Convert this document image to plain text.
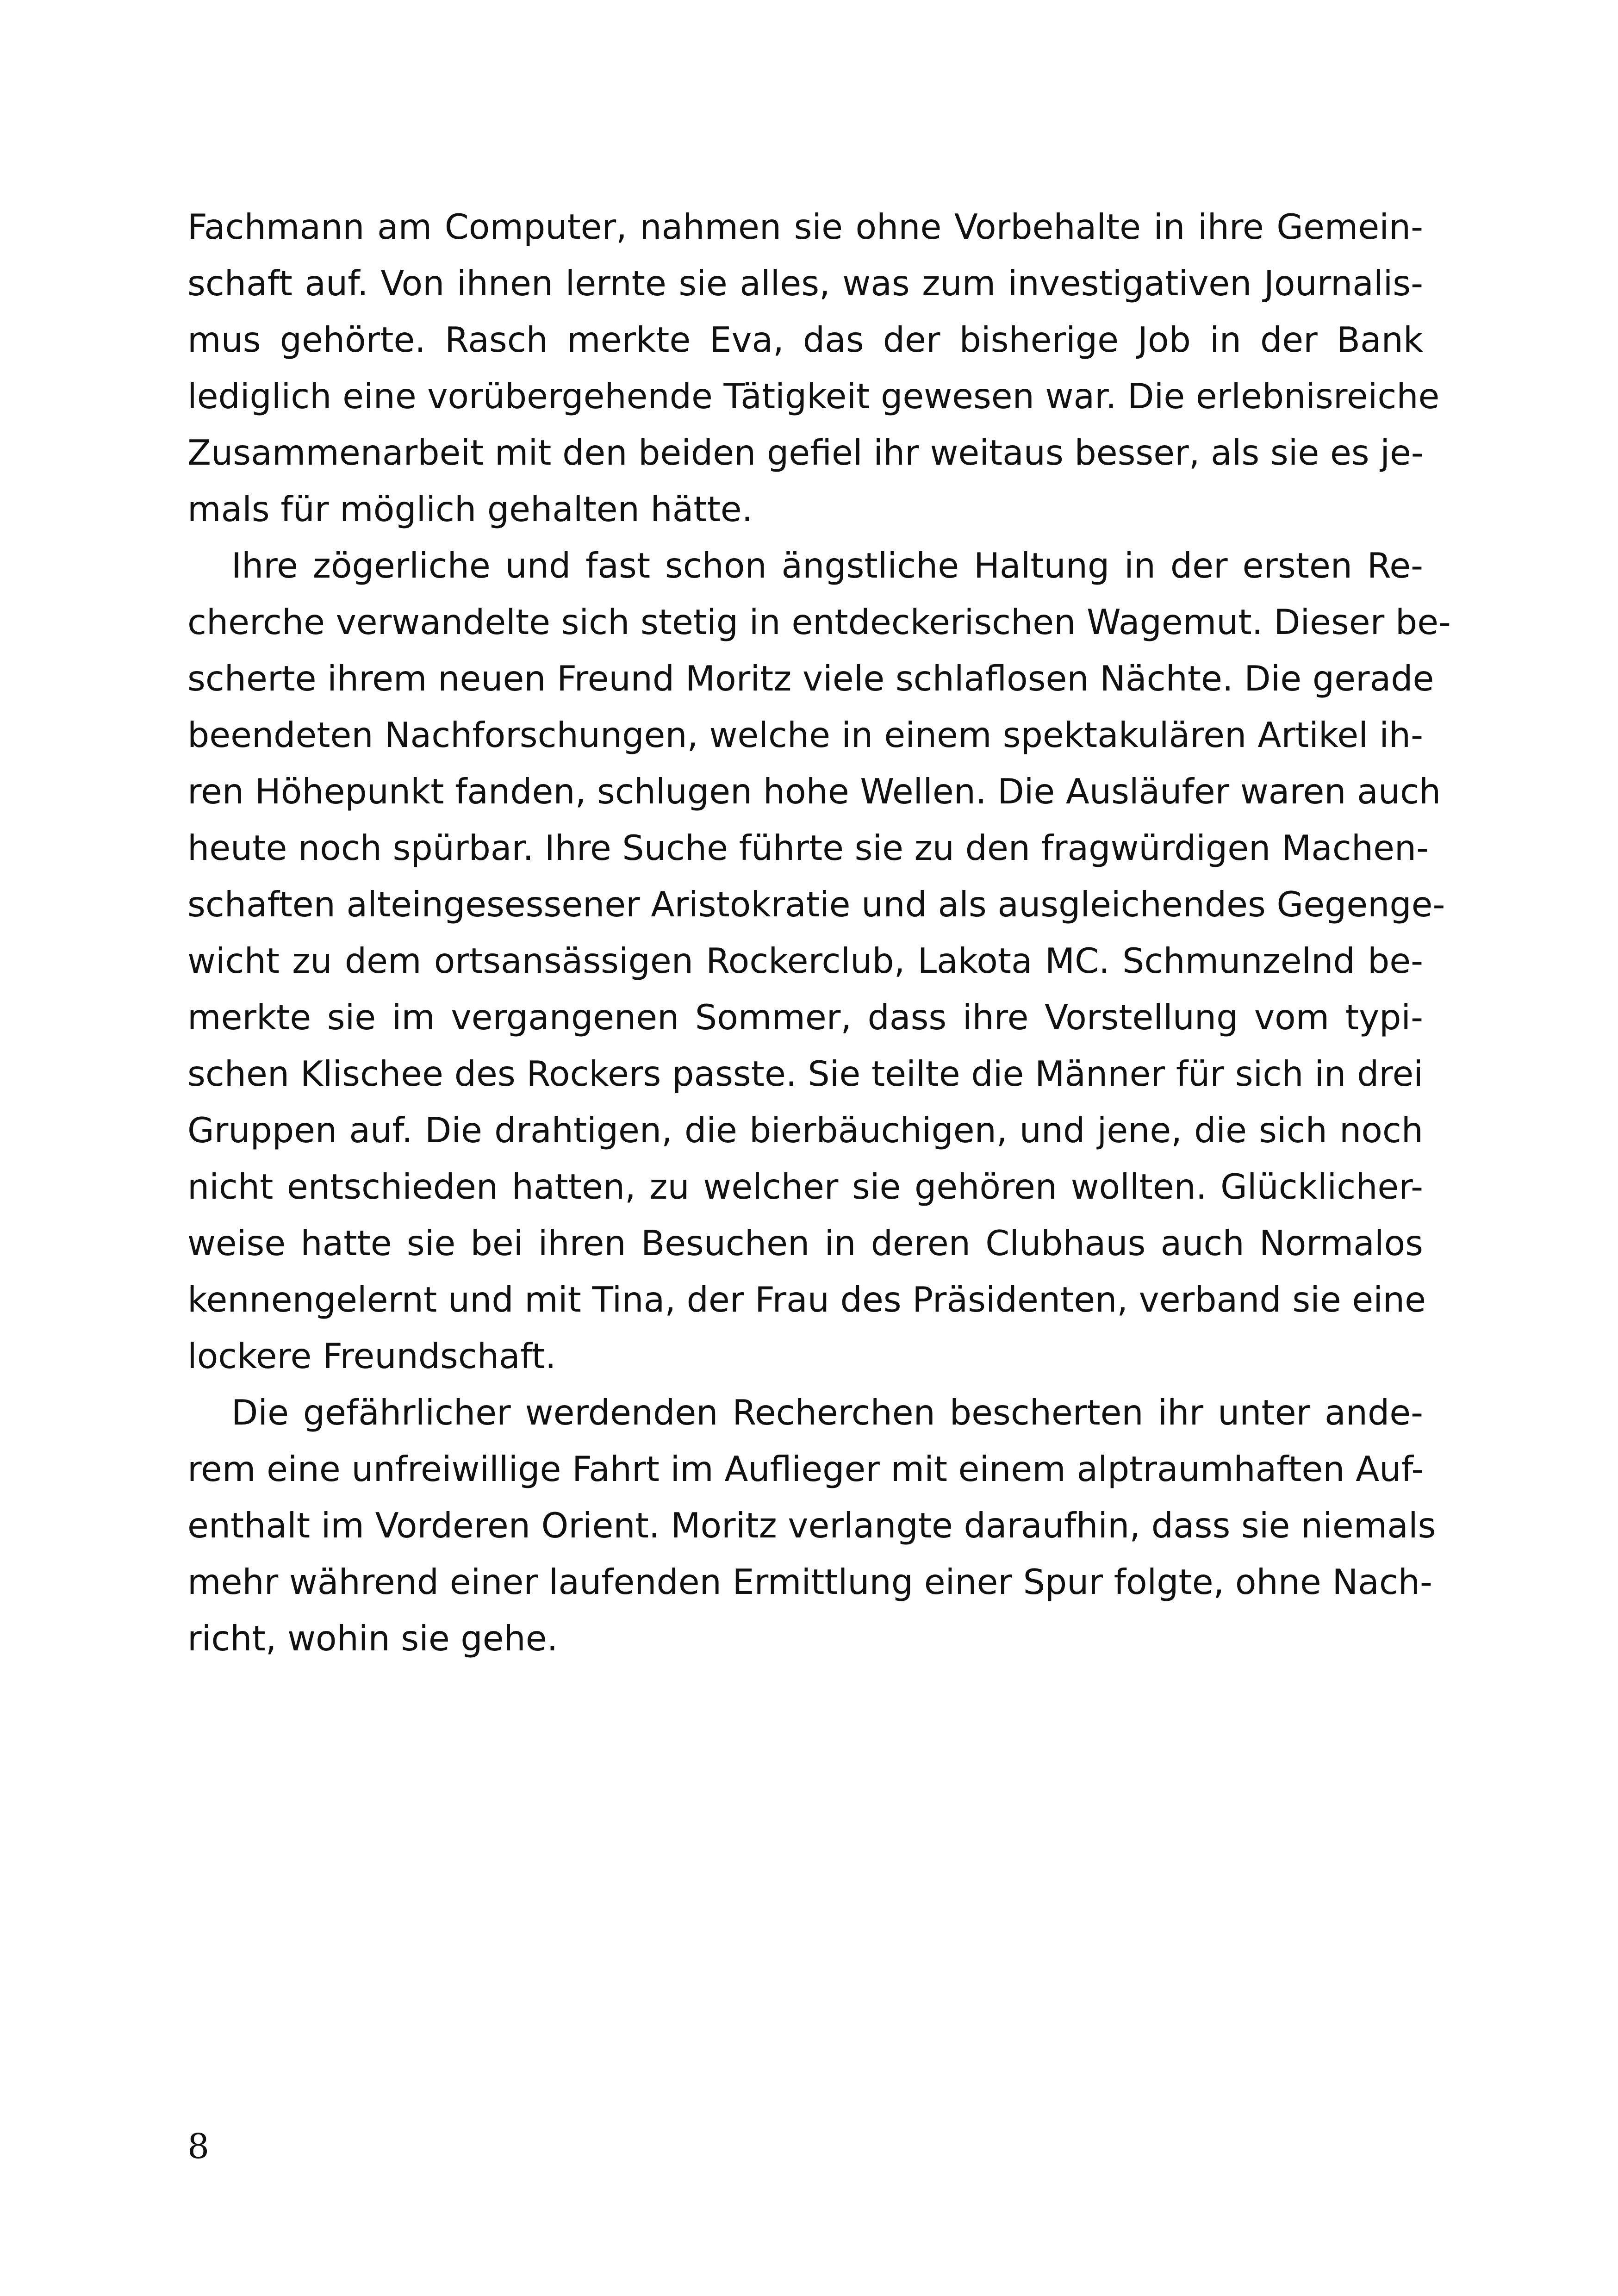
Fachmann am Computer, nahmen sie ohne Vorbehalte in ihre Gemein-
schaft auf. Von ihnen lernte sie alles, was zum investigativen Journalis-
mus gehörte. Rasch merkte Eva, das der bisherige Job in der Bank
lediglich eine vorübergehende Tätigkeit gewesen war. Die erlebnisreiche
Zusammenarbeit mit den beiden gefiel ihr weitaus besser, als sie es je-
mals für möglich gehalten hätte.

Ihre zögerliche und fast schon ängstliche Haltung in der ersten Re-
cherche verwandelte sich stetig in entdeckerischen Wagemut. Dieser be-
scherte ihrem neuen Freund Moritz viele schlaflosen Nächte. Die gerade
beendeten Nachforschungen, welche in einem spektakulären Artikel ih-
ren Höhepunkt fanden, schlugen hohe Wellen. Die Ausläufer waren auch
heute noch spürbar. Ihre Suche führte sie zu den fragwürdigen Machen-
schaften alteingesessener Aristokratie und als ausgleichendes Gegenge-
wicht zu dem ortsansässigen Rockerclub, Lakota MC. Schmunzelnd be-
merkte sie im vergangenen Sommer, dass ihre Vorstellung vom typi-
schen Klischee des Rockers passte. Sie teilte die Männer für sich in drei
Gruppen auf. Die drahtigen, die bierbäuchigen, und jene, die sich noch
nicht entschieden hatten, zu welcher sie gehören wollten. Glücklicher-
weise hatte sie bei ihren Besuchen in deren Clubhaus auch Normalos
kennengelernt und mit Tina, der Frau des Präsidenten, verband sie eine
lockere Freundschaft.

Die gefährlicher werdenden Recherchen bescherten ihr unter ande-
rem eine unfreiwillige Fahrt im Auflieger mit einem alptraumhaften Auf-
enthalt im Vorderen Orient. Moritz verlangte daraufhin, dass sie niemals
mehr während einer laufenden Ermittlung einer Spur folgte, ohne Nach-
richt, wohin sie gehe.

8
